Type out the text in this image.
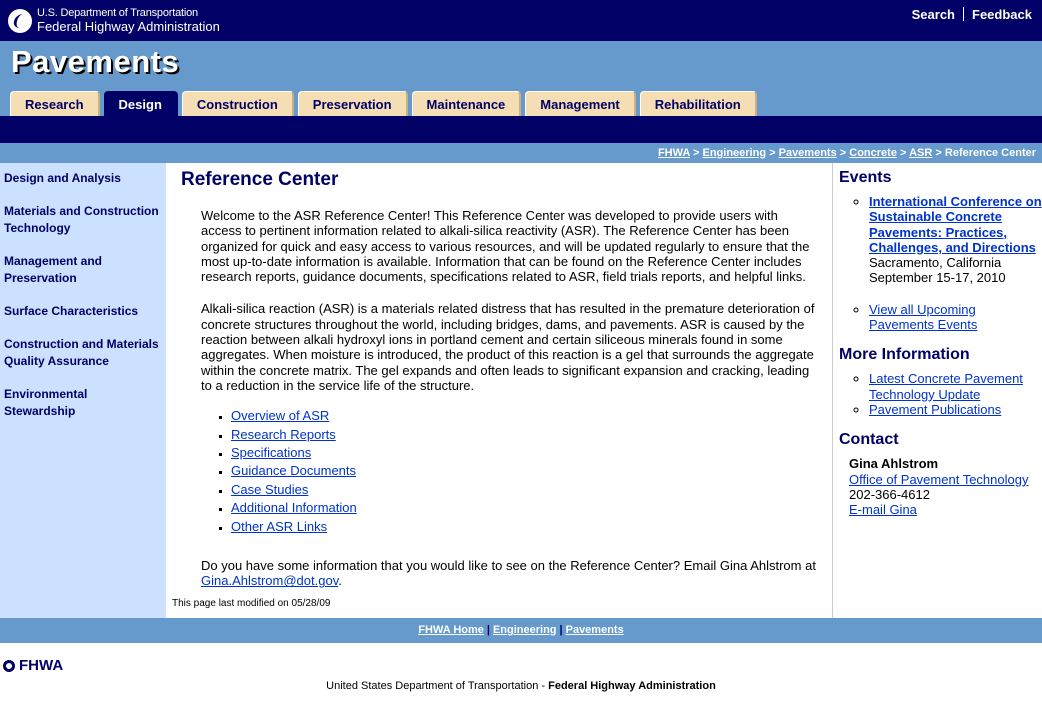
U.S. Department of Transportation
Federal Highway Administration
Search Feedback
Pavements
Research	Design	Construction	Preservation	Maintenance	Management	Rehabilitation
FHWA > Engineering > Pavements > Concrete > ASR > Reference Center
Design and Analysis
Materials and Construction Technology
Management and Preservation
Surface Characteristics
Construction and Materials Quality Assurance
Environmental Stewardship
Reference Center

Welcome to the ASR Reference Center! This Reference Center was developed to provide users with access to pertinent information related to alkali-silica reactivity (ASR). The Reference Center has been organized for quick and easy access to various resources, and will be updated regularly to ensure that the most up-to-date information is available. Information that can be found on the Reference Center includes research reports, guidance documents, specifications related to ASR, field trials reports, and helpful links.

Alkali-silica reaction (ASR) is a materials related distress that has resulted in the premature deterioration of concrete structures throughout the world, including bridges, dams, and pavements. ASR is caused by the reaction between alkali hydroxyl ions in portland cement and certain siliceous minerals found in some aggregates. When moisture is introduced, the product of this reaction is a gel that surrounds the aggregate within the concrete matrix. The gel expands and often leads to significant expansion and cracking, leading to a reduction in the service life of the structure.

▪ Overview of ASR
▪ Research Reports
▪ Specifications
▪ Guidance Documents
▪ Case Studies
▪ Additional Information
▪ Other ASR Links

Do you have some information that you would like to see on the Reference Center? Email Gina Ahlstrom at Gina.Ahlstrom@dot.gov.

This page last modified on 05/28/09
Events
◦ International Conference on Sustainable Concrete Pavements: Practices, Challenges, and Directions
Sacramento, California
September 15-17, 2010
◦ View all Upcoming Pavements Events
More Information
◦ Latest Concrete Pavement Technology Update
◦ Pavement Publications
Contact
Gina Ahlstrom
Office of Pavement Technology
202-366-4612
E-mail Gina
FHWA Home | Engineering | Pavements
FHWA
United States Department of Transportation - Federal Highway Administration
